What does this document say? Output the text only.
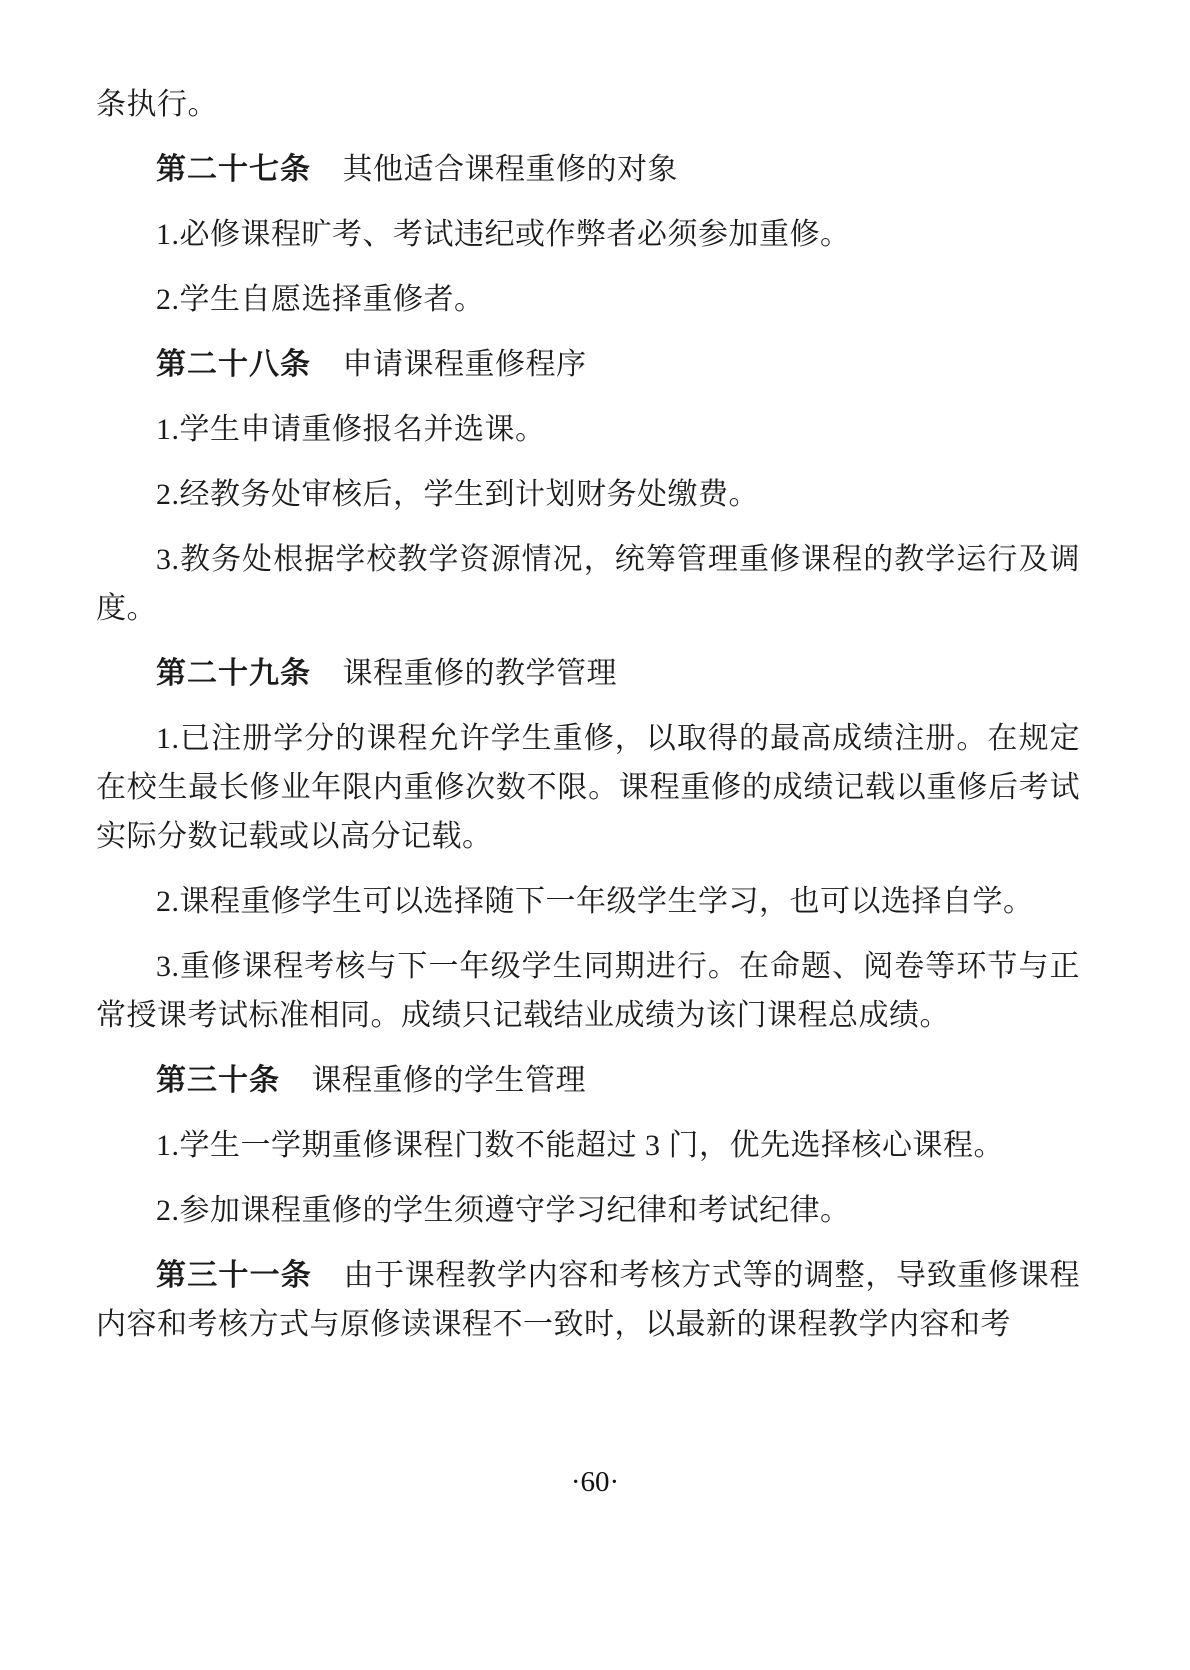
条执行。

第二十七条 其他适合课程重修的对象

1.必修课程旷考、考试违纪或作弊者必须参加重修。

2.学生自愿选择重修者。

第二十八条 申请课程重修程序

1.学生申请重修报名并选课。

2.经教务处审核后，学生到计划财务处缴费。

3.教务处根据学校教学资源情况，统筹管理重修课程的教学运行及调度。

第二十九条 课程重修的教学管理

1.已注册学分的课程允许学生重修，以取得的最高成绩注册。在规定在校生最长修业年限内重修次数不限。课程重修的成绩记载以重修后考试实际分数记载或以高分记载。

2.课程重修学生可以选择随下一年级学生学习，也可以选择自学。

3.重修课程考核与下一年级学生同期进行。在命题、阅卷等环节与正常授课考试标准相同。成绩只记载结业成绩为该门课程总成绩。

第三十条 课程重修的学生管理

1.学生一学期重修课程门数不能超过 3 门，优先选择核心课程。

2.参加课程重修的学生须遵守学习纪律和考试纪律。

第三十一条 由于课程教学内容和考核方式等的调整，导致重修课程内容和考核方式与原修读课程不一致时，以最新的课程教学内容和考

·60·
